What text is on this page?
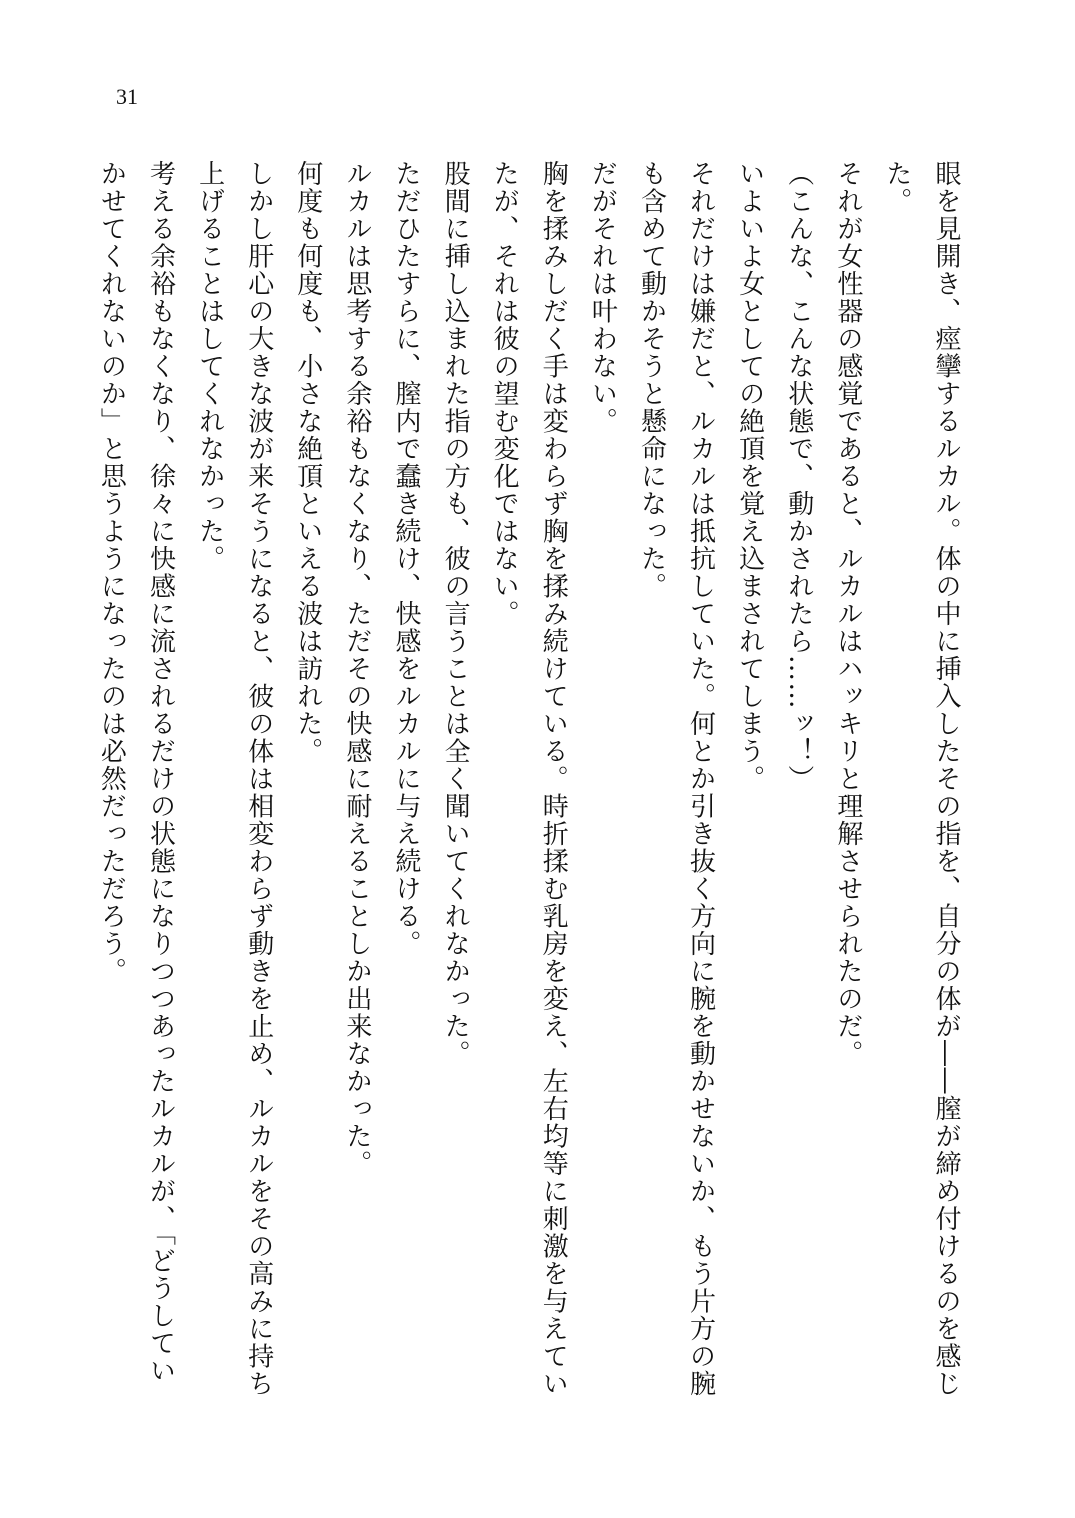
31

眼を見開き、痙攣するルカル。体の中に挿入したその指を、自分の体が――膣が締め付けるのを感じた。

それが女性器の感覚であると、ルカルはハッキリと理解させられたのだ。

（こんな、こんな状態で、動かされたら……ッ！）

いよいよ女としての絶頂を覚え込まされてしまう。

それだけは嫌だと、ルカルは抵抗していた。何とか引き抜く方向に腕を動かせないか、もう片方の腕も含めて動かそうと懸命になった。

だがそれは叶わない。

胸を揉みしだく手は変わらず胸を揉み続けている。時折揉む乳房を変え、左右均等に刺激を与えていたが、それは彼の望む変化ではない。

股間に挿し込まれた指の方も、彼の言うことは全く聞いてくれなかった。

ただひたすらに、膣内で蠢き続け、快感をルカルに与え続ける。

ルカルは思考する余裕もなくなり、ただその快感に耐えることしか出来なかった。

何度も何度も、小さな絶頂といえる波は訪れた。

しかし肝心の大きな波が来そうになると、彼の体は相変わらず動きを止め、ルカルをその高みに持ち上げることはしてくれなかった。

考える余裕もなくなり、徐々に快感に流されるだけの状態になりつつあったルカルが、「どうしていかせてくれないのか」と思うようになったのは必然だっただろう。
